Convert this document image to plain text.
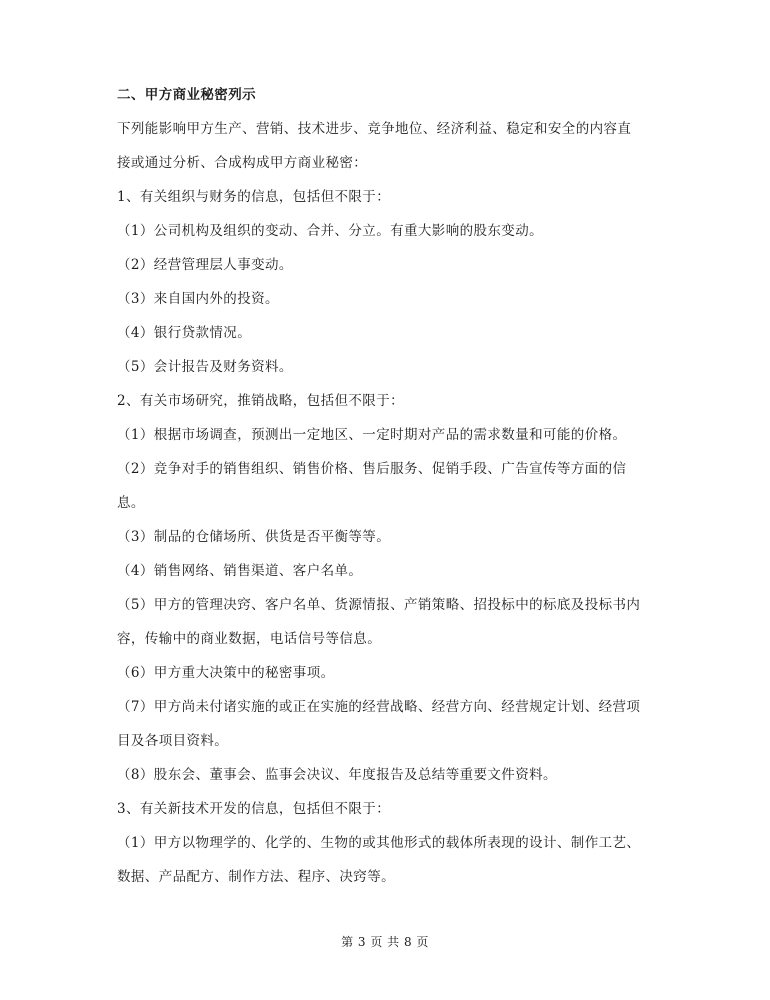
二、甲方商业秘密列示
下列能影响甲方生产、营销、技术进步、竞争地位、经济利益、稳定和安全的内容直
接或通过分析、合成构成甲方商业秘密：
1、有关组织与财务的信息，包括但不限于：
（1）公司机构及组织的变动、合并、分立。有重大影响的股东变动。
（2）经营管理层人事变动。
（3）来自国内外的投资。
（4）银行贷款情况。
（5）会计报告及财务资料。
2、有关市场研究，推销战略，包括但不限于：
（1）根据市场调查，预测出一定地区、一定时期对产品的需求数量和可能的价格。
（2）竞争对手的销售组织、销售价格、售后服务、促销手段、广告宣传等方面的信
息。
（3）制品的仓储场所、供货是否平衡等等。
（4）销售网络、销售渠道、客户名单。
（5）甲方的管理决窍、客户名单、货源情报、产销策略、招投标中的标底及投标书内
容，传输中的商业数据，电话信号等信息。
（6）甲方重大决策中的秘密事项。
（7）甲方尚未付诸实施的或正在实施的经营战略、经营方向、经营规定计划、经营项
目及各项目资料。
（8）股东会、董事会、监事会决议、年度报告及总结等重要文件资料。
3、有关新技术开发的信息，包括但不限于：
（1）甲方以物理学的、化学的、生物的或其他形式的载体所表现的设计、制作工艺、
数据、产品配方、制作方法、程序、决窍等。
第 3 页 共 8 页
